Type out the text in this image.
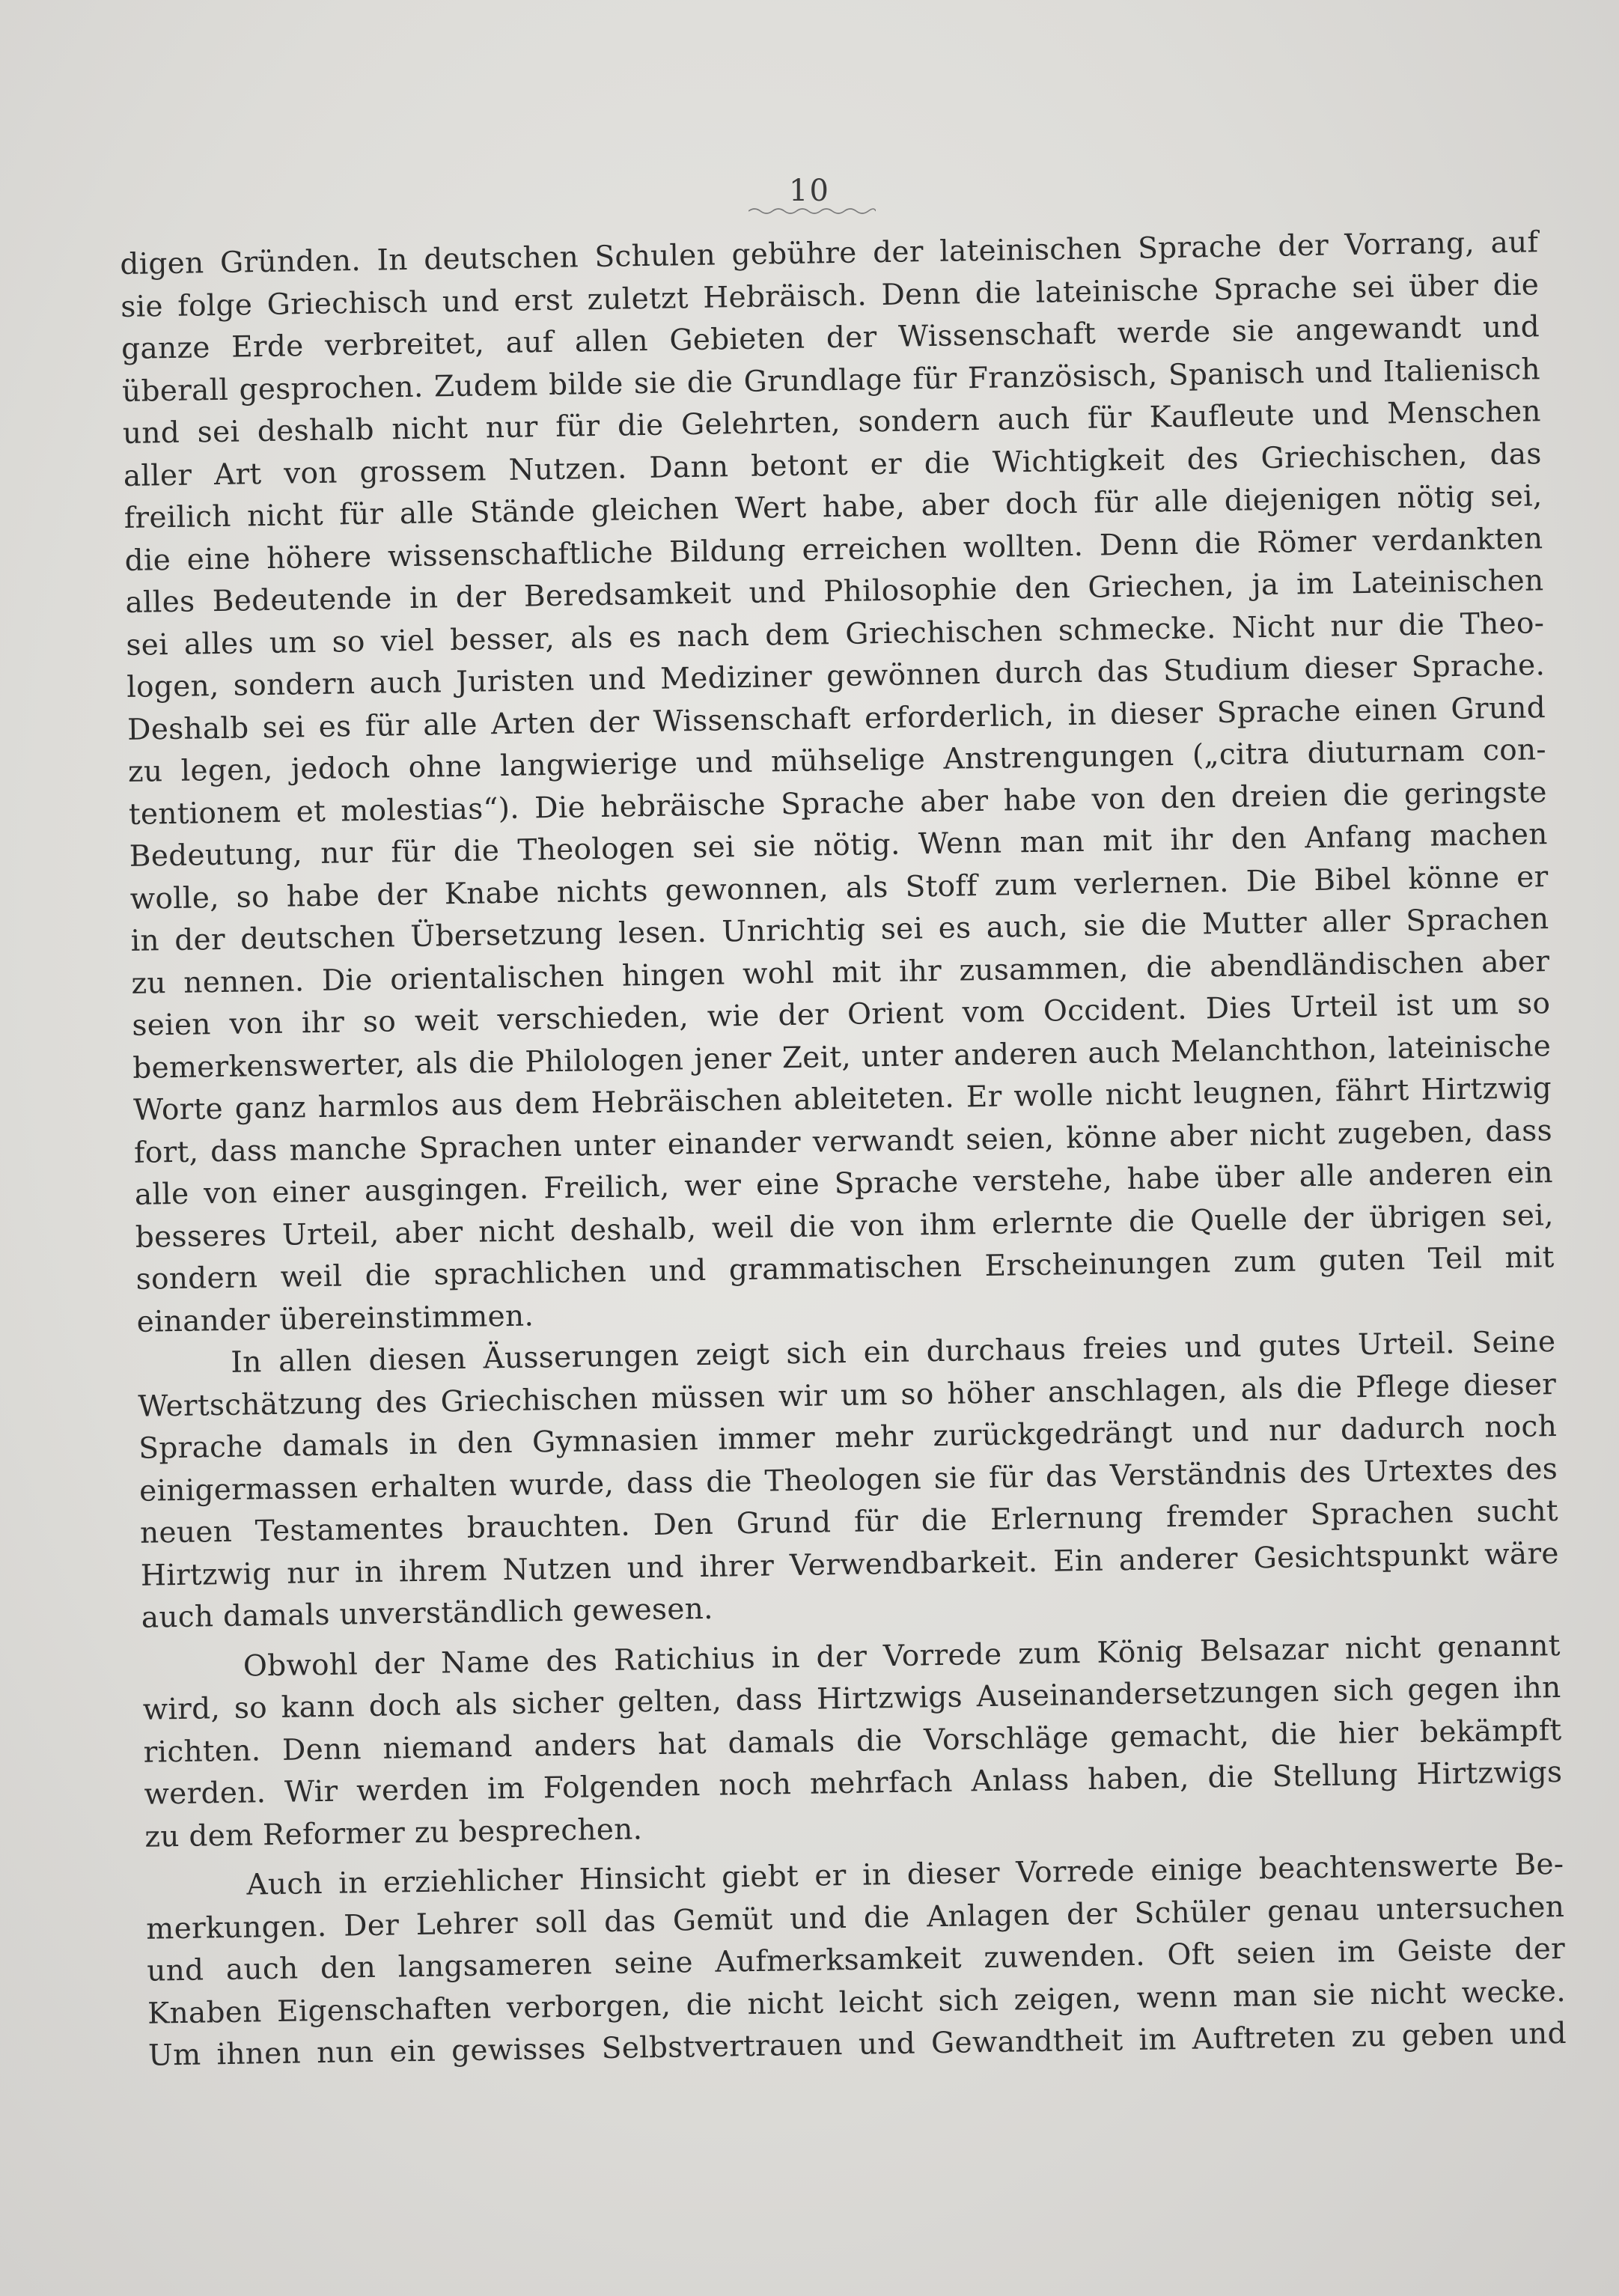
10
digen Gründen. In deutschen Schulen gebühre der lateinischen Sprache der Vorrang, auf
sie folge Griechisch und erst zuletzt Hebräisch. Denn die lateinische Sprache sei über die
ganze Erde verbreitet, auf allen Gebieten der Wissenschaft werde sie angewandt und
überall gesprochen. Zudem bilde sie die Grundlage für Französisch, Spanisch und Italienisch
und sei deshalb nicht nur für die Gelehrten, sondern auch für Kaufleute und Menschen
aller Art von grossem Nutzen. Dann betont er die Wichtigkeit des Griechischen, das
freilich nicht für alle Stände gleichen Wert habe, aber doch für alle diejenigen nötig sei,
die eine höhere wissenschaftliche Bildung erreichen wollten. Denn die Römer verdankten
alles Bedeutende in der Beredsamkeit und Philosophie den Griechen, ja im Lateinischen
sei alles um so viel besser, als es nach dem Griechischen schmecke. Nicht nur die Theo-
logen, sondern auch Juristen und Mediziner gewönnen durch das Studium dieser Sprache.
Deshalb sei es für alle Arten der Wissenschaft erforderlich, in dieser Sprache einen Grund
zu legen, jedoch ohne langwierige und mühselige Anstrengungen („citra diuturnam con-
tentionem et molestias“). Die hebräische Sprache aber habe von den dreien die geringste
Bedeutung, nur für die Theologen sei sie nötig. Wenn man mit ihr den Anfang machen
wolle, so habe der Knabe nichts gewonnen, als Stoff zum verlernen. Die Bibel könne er
in der deutschen Übersetzung lesen. Unrichtig sei es auch, sie die Mutter aller Sprachen
zu nennen. Die orientalischen hingen wohl mit ihr zusammen, die abendländischen aber
seien von ihr so weit verschieden, wie der Orient vom Occident. Dies Urteil ist um so
bemerkenswerter, als die Philologen jener Zeit, unter anderen auch Melanchthon, lateinische
Worte ganz harmlos aus dem Hebräischen ableiteten. Er wolle nicht leugnen, fährt Hirtzwig
fort, dass manche Sprachen unter einander verwandt seien, könne aber nicht zugeben, dass
alle von einer ausgingen. Freilich, wer eine Sprache verstehe, habe über alle anderen ein
besseres Urteil, aber nicht deshalb, weil die von ihm erlernte die Quelle der übrigen sei,
sondern weil die sprachlichen und grammatischen Erscheinungen zum guten Teil mit
einander übereinstimmen.
In allen diesen Äusserungen zeigt sich ein durchaus freies und gutes Urteil. Seine
Wertschätzung des Griechischen müssen wir um so höher anschlagen, als die Pflege dieser
Sprache damals in den Gymnasien immer mehr zurückgedrängt und nur dadurch noch
einigermassen erhalten wurde, dass die Theologen sie für das Verständnis des Urtextes des
neuen Testamentes brauchten. Den Grund für die Erlernung fremder Sprachen sucht
Hirtzwig nur in ihrem Nutzen und ihrer Verwendbarkeit. Ein anderer Gesichtspunkt wäre
auch damals unverständlich gewesen.
Obwohl der Name des Ratichius in der Vorrede zum König Belsazar nicht genannt
wird, so kann doch als sicher gelten, dass Hirtzwigs Auseinandersetzungen sich gegen ihn
richten. Denn niemand anders hat damals die Vorschläge gemacht, die hier bekämpft
werden. Wir werden im Folgenden noch mehrfach Anlass haben, die Stellung Hirtzwigs
zu dem Reformer zu besprechen.
Auch in erziehlicher Hinsicht giebt er in dieser Vorrede einige beachtenswerte Be-
merkungen. Der Lehrer soll das Gemüt und die Anlagen der Schüler genau untersuchen
und auch den langsameren seine Aufmerksamkeit zuwenden. Oft seien im Geiste der
Knaben Eigenschaften verborgen, die nicht leicht sich zeigen, wenn man sie nicht wecke.
Um ihnen nun ein gewisses Selbstvertrauen und Gewandtheit im Auftreten zu geben und
